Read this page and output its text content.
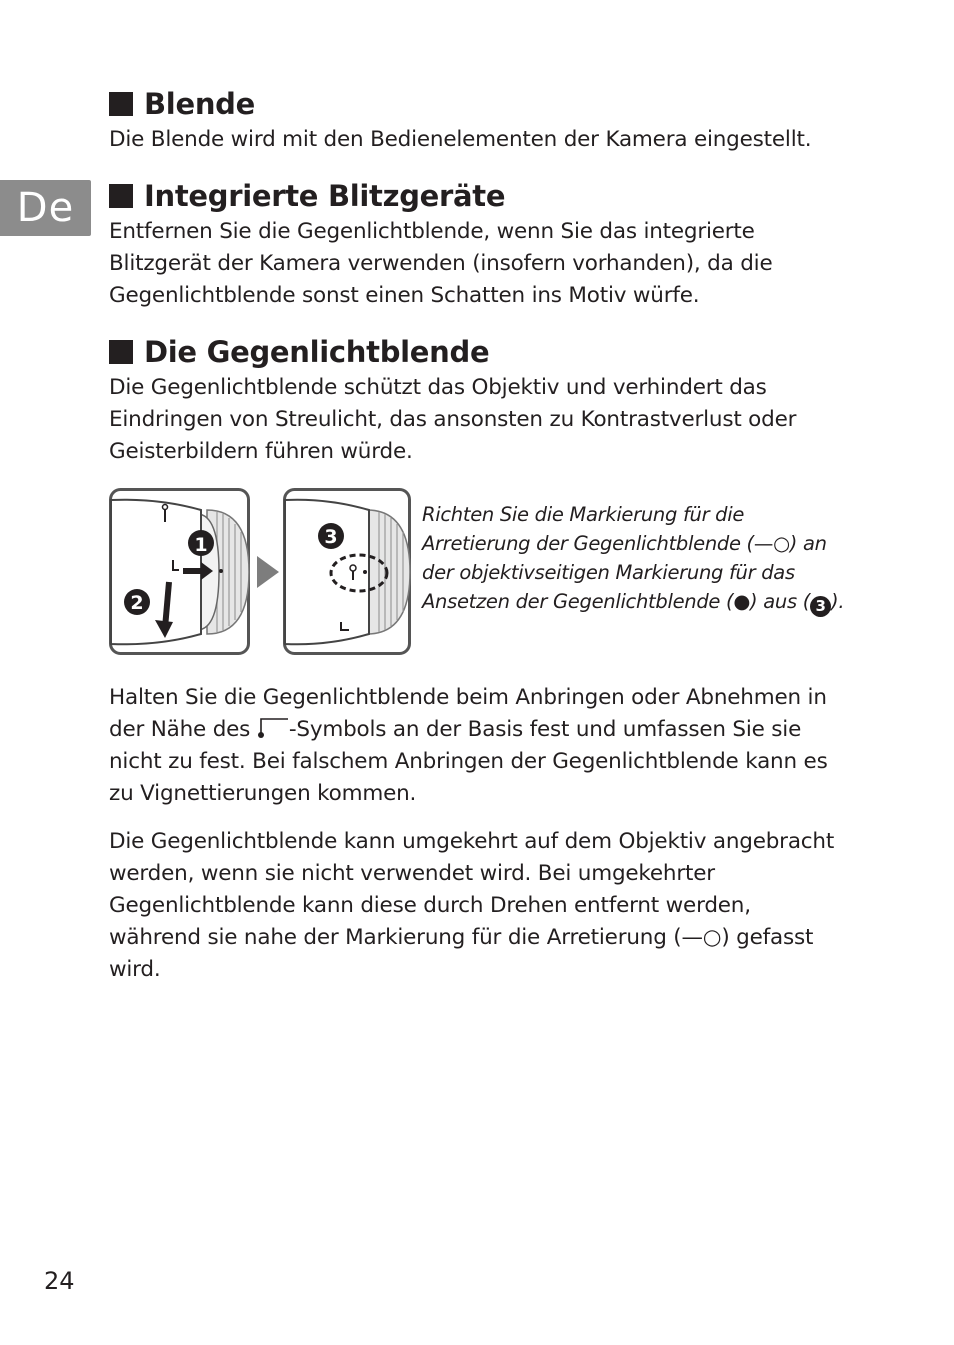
De
Blende

Die Blende wird mit den Bedienelementen der Kamera eingestellt.

Integrierte Blitzgeräte

Entfernen Sie die Gegenlichtblende, wenn Sie das integrierte Blitzgerät der Kamera verwenden (insofern vorhanden), da die Gegenlichtblende sonst einen Schatten ins Motiv würfe.

Die Gegenlichtblende

Die Gegenlichtblende schützt das Objektiv und verhindert das Eindringen von Streulicht, das ansonsten zu Kontrastverlust oder Geisterbildern führen würde.

1
2
3
Richten Sie die Markierung für die Arretierung der Gegenlichtblende (—○) an der objektivseitigen Markierung für das Ansetzen der Gegenlichtblende (●) aus ( 3 ).

Halten Sie die Gegenlichtblende beim Anbringen oder Abnehmen in der Nähe des -Symbols an der Basis fest und umfassen Sie sie nicht zu fest. Bei falschem Anbringen der Gegenlichtblende kann es zu Vignettierungen kommen.

Die Gegenlichtblende kann umgekehrt auf dem Objektiv angebracht werden, wenn sie nicht verwendet wird. Bei umgekehrter Gegenlichtblende kann diese durch Drehen entfernt werden, während sie nahe der Markierung für die Arretierung (—○) gefasst wird.

24
